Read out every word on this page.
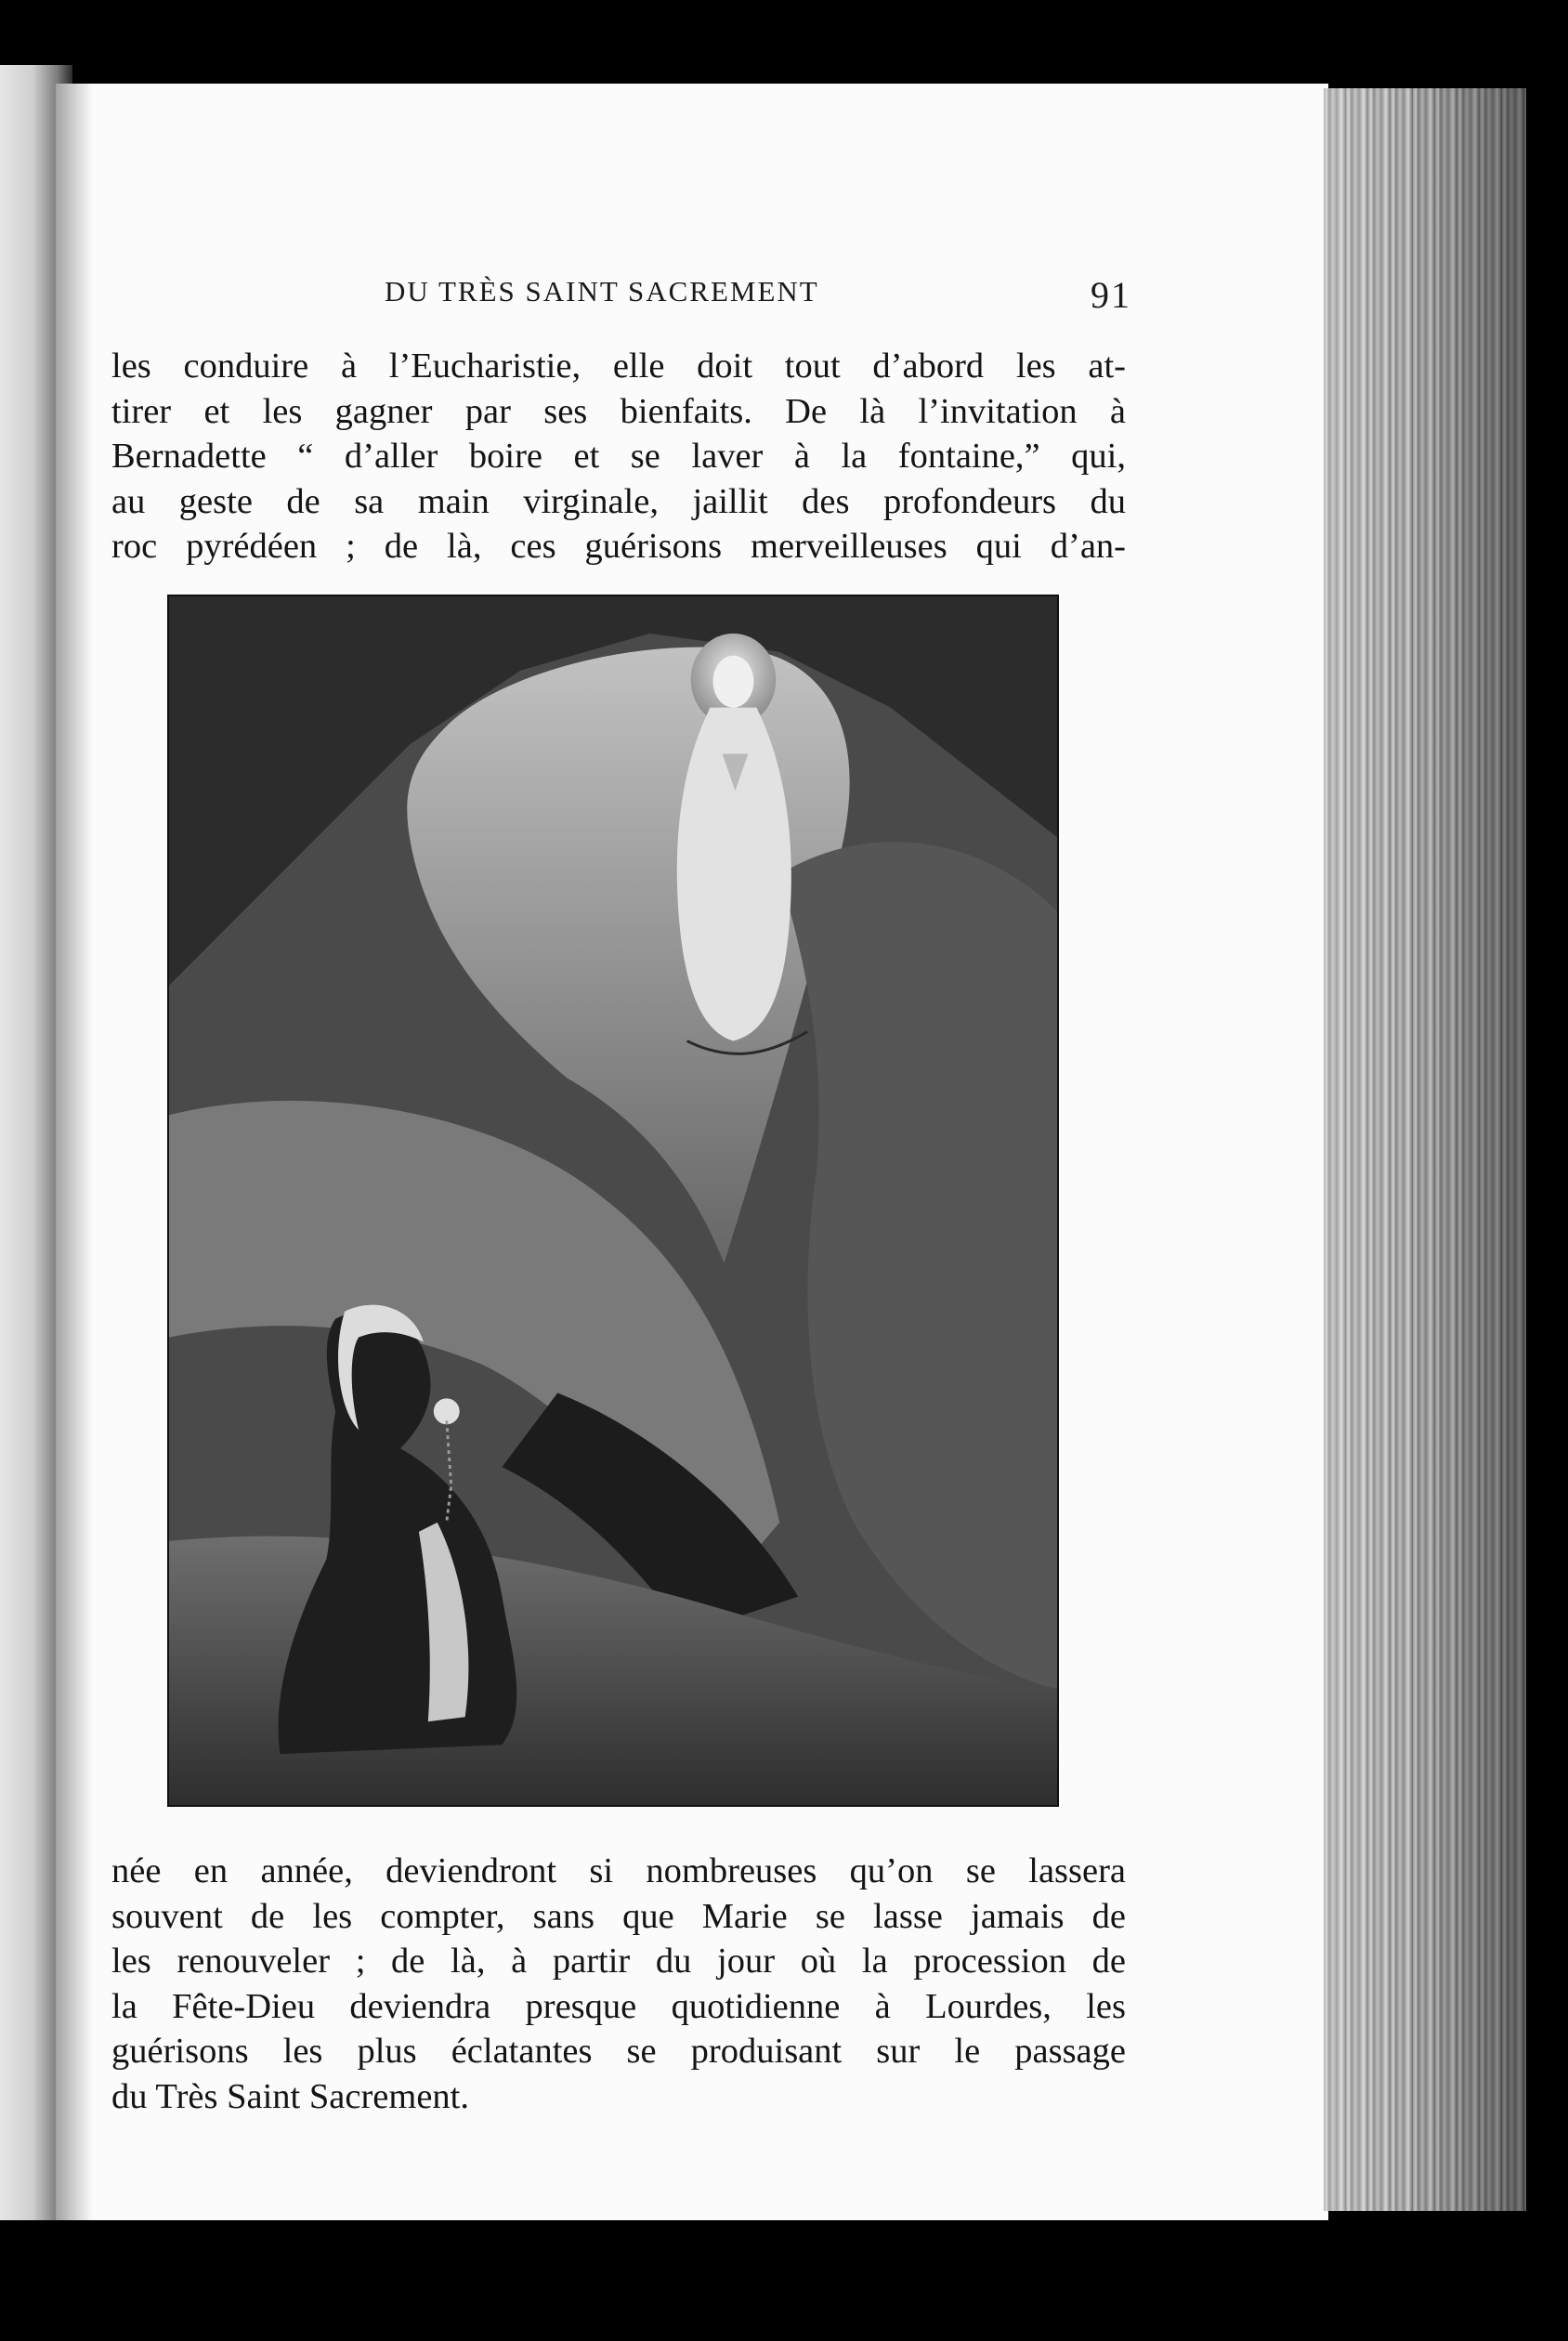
DU TRÈS SAINT SACREMENT	91
les conduire à l’Eucharistie, elle doit tout d’abord les at-
tirer et les gagner par ses bienfaits. De là l’invitation à
Bernadette “ d’aller boire et se laver à la fontaine,” qui,
au geste de sa main virginale, jaillit des profondeurs du
roc pyrédéen ; de là, ces guérisons merveilleuses qui d’an-
née en année, deviendront si nombreuses qu’on se lassera
souvent de les compter, sans que Marie se lasse jamais de
les renouveler ; de là, à partir du jour où la procession de
la Fête-Dieu deviendra presque quotidienne à Lourdes, les
guérisons les plus éclatantes se produisant sur le passage
du Très Saint Sacrement.
